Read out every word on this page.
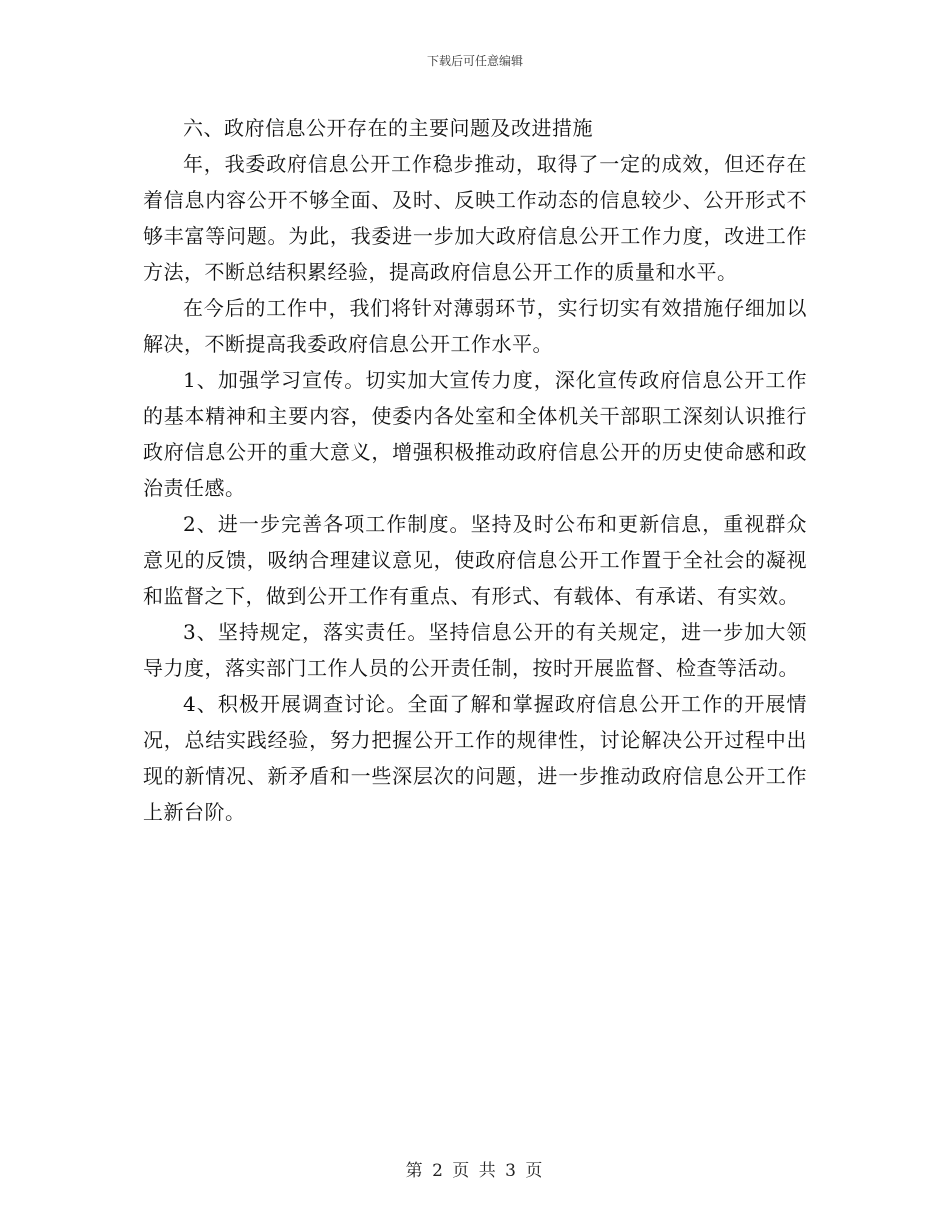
下载后可任意编辑

六、政府信息公开存在的主要问题及改进措施

年，我委政府信息公开工作稳步推动，取得了一定的成效，但还存在着信息内容公开不够全面、及时、反映工作动态的信息较少、公开形式不够丰富等问题。为此，我委进一步加大政府信息公开工作力度，改进工作方法，不断总结积累经验，提高政府信息公开工作的质量和水平。

在今后的工作中，我们将针对薄弱环节，实行切实有效措施仔细加以解决，不断提高我委政府信息公开工作水平。

1、加强学习宣传。切实加大宣传力度，深化宣传政府信息公开工作的基本精神和主要内容，使委内各处室和全体机关干部职工深刻认识推行政府信息公开的重大意义，增强积极推动政府信息公开的历史使命感和政治责任感。

2、进一步完善各项工作制度。坚持及时公布和更新信息，重视群众意见的反馈，吸纳合理建议意见，使政府信息公开工作置于全社会的凝视和监督之下，做到公开工作有重点、有形式、有载体、有承诺、有实效。

3、坚持规定，落实责任。坚持信息公开的有关规定，进一步加大领导力度，落实部门工作人员的公开责任制，按时开展监督、检查等活动。

4、积极开展调查讨论。全面了解和掌握政府信息公开工作的开展情况，总结实践经验，努力把握公开工作的规律性，讨论解决公开过程中出现的新情况、新矛盾和一些深层次的问题，进一步推动政府信息公开工作上新台阶。

第 2 页 共 3 页
